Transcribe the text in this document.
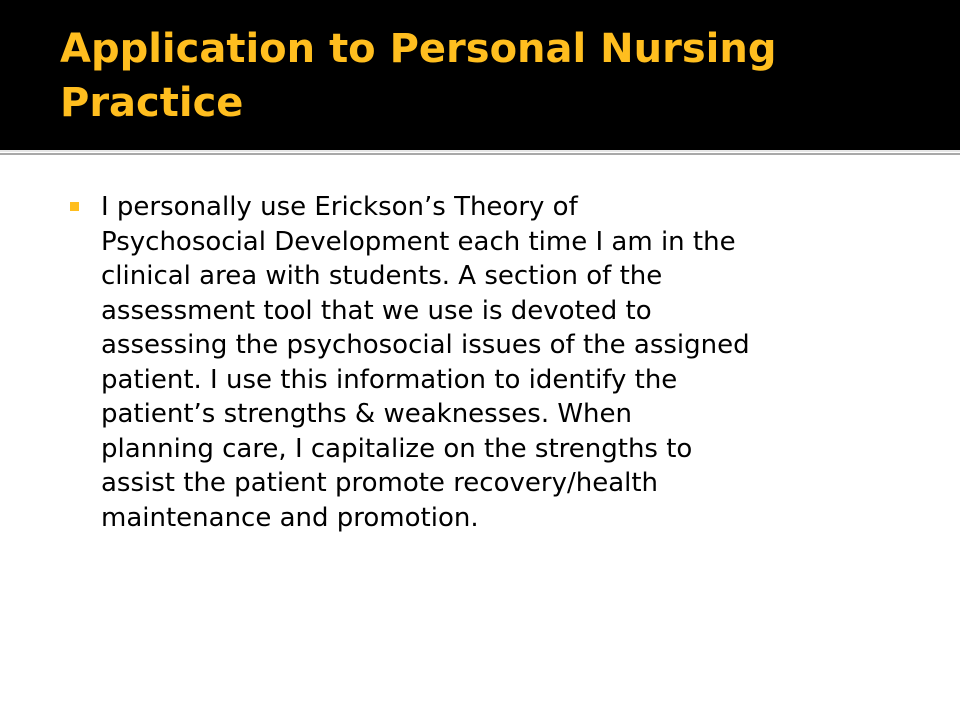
Application to Personal Nursing Practice

I personally use Erickson’s Theory of
Psychosocial Development each time I am in the
clinical area with students. A section of the
assessment tool that we use is devoted to
assessing the psychosocial issues of the assigned
patient. I use this information to identify the
patient’s strengths & weaknesses. When
planning care, I capitalize on the strengths to
assist the patient promote recovery/health
maintenance and promotion.
